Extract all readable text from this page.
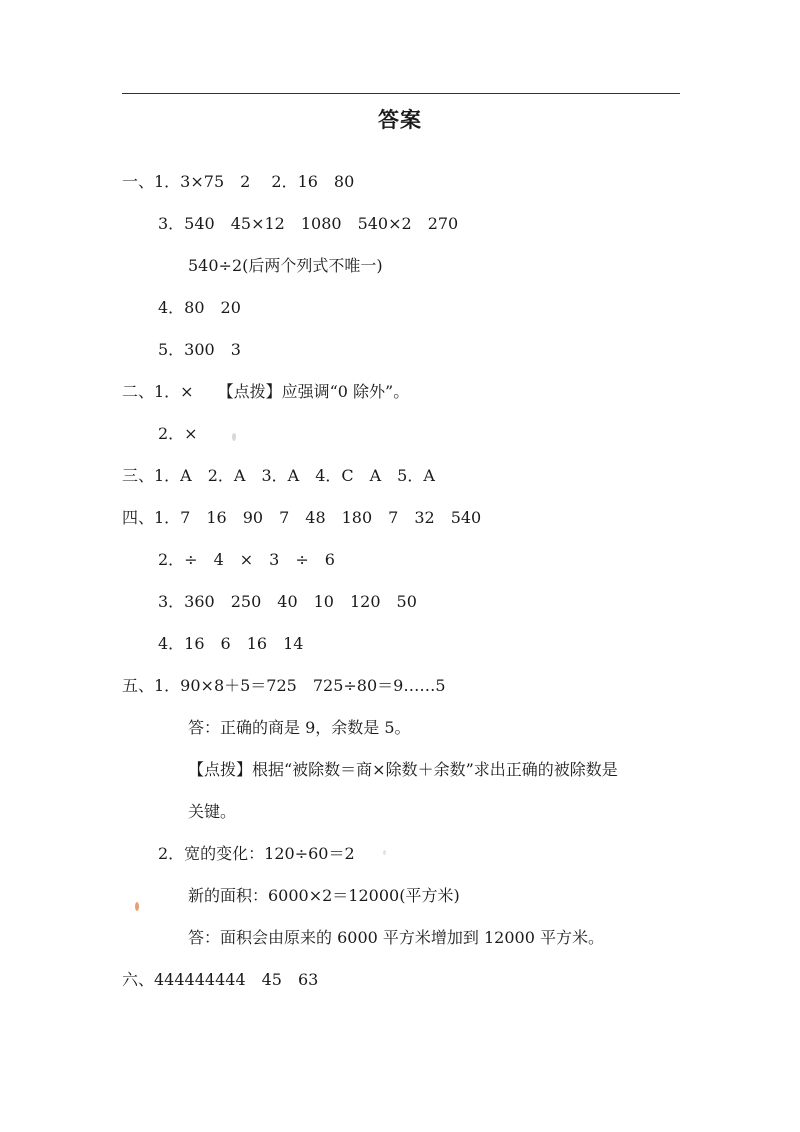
答案
一、1．3×75　2　 2．16　80
3．540　45×12　1080　540×2　270
540÷2(后两个列式不唯一)
4．80　20
5．300　3
二、1．×　　【点拨】应强调“0 除外”。
2．×
三、1．A　2．A　3．A　4．C　A　5．A
四、1．7　16　90　7　48　180　7　32　540
2．÷　4　×　3　÷　6
3．360　250　40　10　120　50
4．16　6　16　14
五、1．90×8＋5＝725　725÷80＝9……5
答：正确的商是 9，余数是 5。
【点拨】根据“被除数＝商×除数＋余数”求出正确的被除数是
关键。
2．宽的变化：120÷60＝2
新的面积：6000×2＝12000(平方米)
答：面积会由原来的 6000 平方米增加到 12000 平方米。
六、444444444　45　63
